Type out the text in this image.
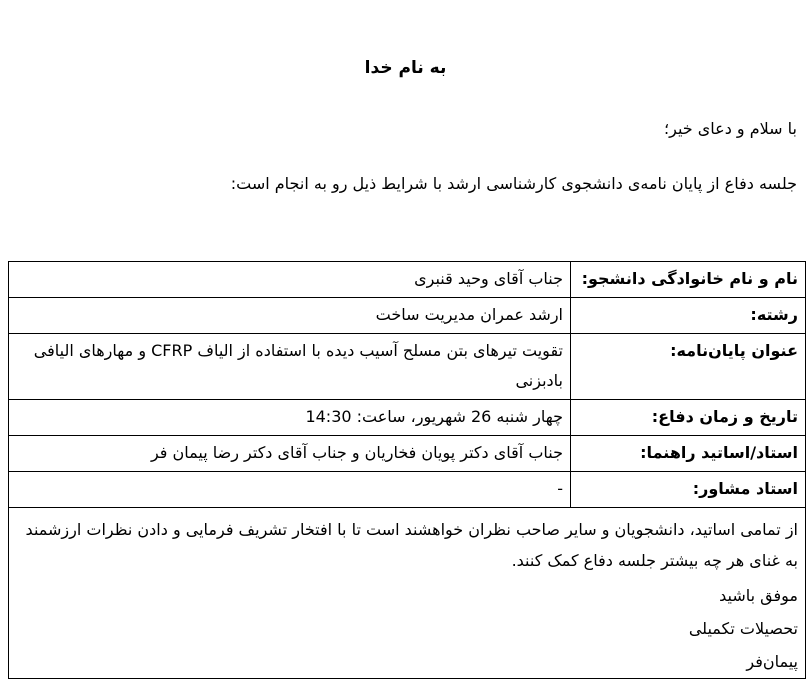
به نام خدا
با سلام و دعای خیر؛
جلسه دفاع از پایان نامه‌ی دانشجوی کارشناسی ارشد با شرایط ذیل رو به انجام است:
نام و نام خانوادگی دانشجو:	جناب آقای وحید قنبری
رشته:	ارشد عمران مدیریت ساخت
عنوان پایان‌نامه:	تقویت تیرهای بتن مسلح آسیب دیده با استفاده از الیاف CFRP و مهارهای الیافی بادبزنی
تاریخ و زمان دفاع:	چهار شنبه 26 شهریور، ساعت: 14:30
استاد/اساتید راهنما:	جناب آقای دکتر پویان فخاریان و جناب آقای دکتر رضا پیمان فر
استاد مشاور:	-

از تمامی اساتید، دانشجویان و سایر صاحب نظران خواهشند است تا با افتخار تشریف فرمایی و دادن نظرات ارزشمند به غنای هر چه بیشتر جلسه دفاع کمک کنند.
موفق باشید
تحصیلات تکمیلی
پیمان‌فر	
